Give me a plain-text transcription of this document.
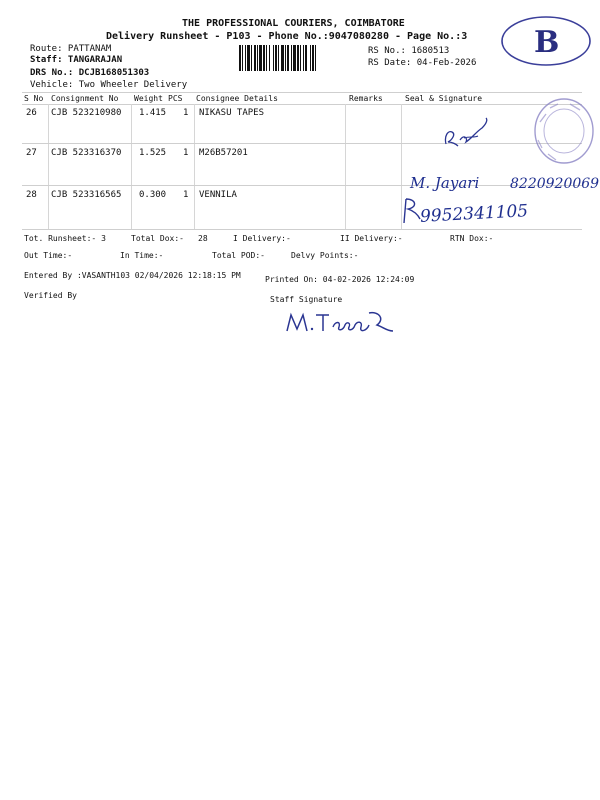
THE PROFESSIONAL COURIERS, COIMBATORE
Delivery Runsheet - P103 - Phone No.:9047080280 - Page No.:3 B
Route: PATTANAM
Staff: TANGARAJAN
DRS No.: DCJB168051303
Vehicle: Two Wheeler Delivery
RS No.: 1680513
RS Date: 04-Feb-2026
S No Consignment No Weight PCS Consignee Details	Remarks	Seal & Signature
26 CJB 523210980 1.415 1 NIKASU TAPES
27 CJB 523316370 1.525 1 M26B57201
28 CJB 523316565 0.300 1 VENNILA
M. Jayari 8220920069
9952341105
Tot. Runsheet:- 3	Total Dox:- 28	I Delivery:-	II Delivery:-	RTN Dox:-
Out Time:-	In Time:-	Total POD:-	Delvy Points:-
Entered By :VASANTH103 02/04/2026 12:18:15 PM	Printed On: 04-02-2026 12:24:09
Verified By	Staff Signature
